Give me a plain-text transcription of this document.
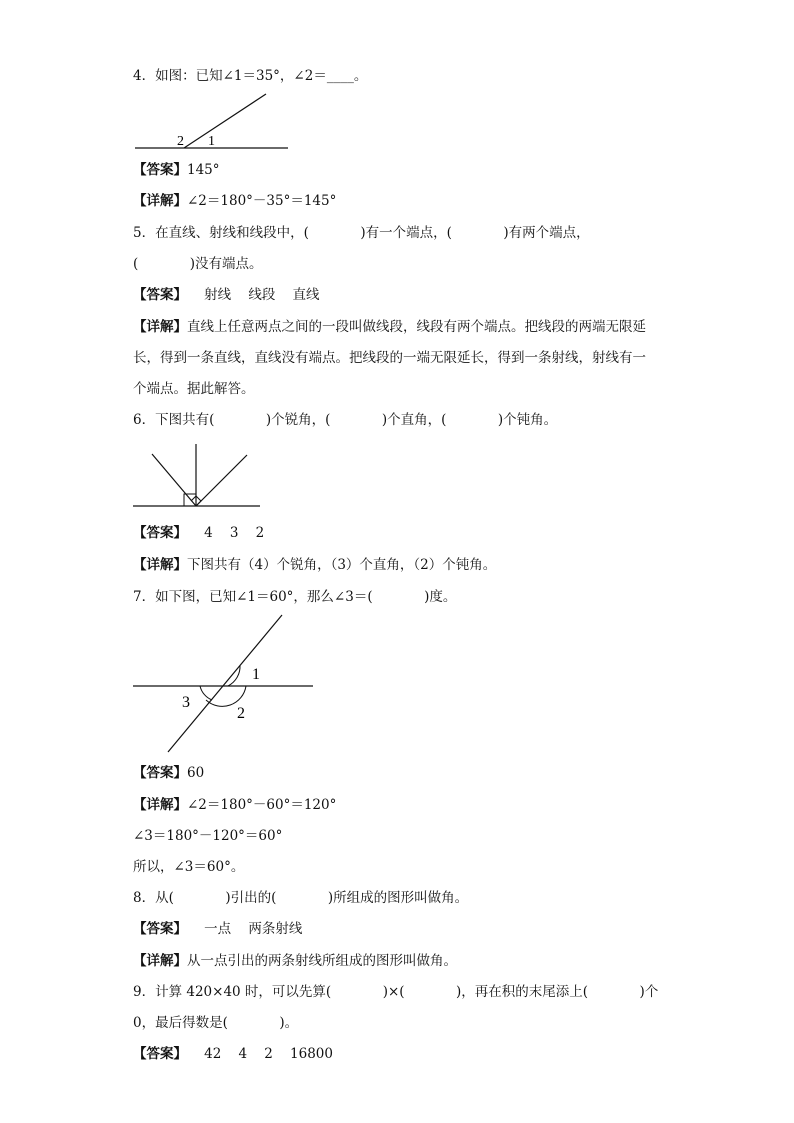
4．如图：已知∠1＝35°，∠2＝____。
2 1
【答案】145°
【详解】∠2＝180°－35°＝145°
5．在直线、射线和线段中，(            )有一个端点，(            )有两个端点，
(            )没有端点。
【答案】    射线    线段    直线
【详解】直线上任意两点之间的一段叫做线段，线段有两个端点。把线段的两端无限延
长，得到一条直线，直线没有端点。把线段的一端无限延长，得到一条射线，射线有一
个端点。据此解答。
6．下图共有(            )个锐角，(            )个直角，(            )个钝角。
【答案】    4    3    2
【详解】下图共有（4）个锐角，（3）个直角，（2）个钝角。
7．如下图，已知∠1＝60°，那么∠3＝(            )度。
1
2
3
【答案】60
【详解】∠2＝180°－60°＝120°
∠3＝180°－120°＝60°
所以，∠3＝60°。
8．从(            )引出的(            )所组成的图形叫做角。
【答案】    一点    两条射线
【详解】从一点引出的两条射线所组成的图形叫做角。
9．计算 420×40 时，可以先算(            )×(            )，再在积的末尾添上(            )个
0，最后得数是(            )。
【答案】    42    4    2    16800
